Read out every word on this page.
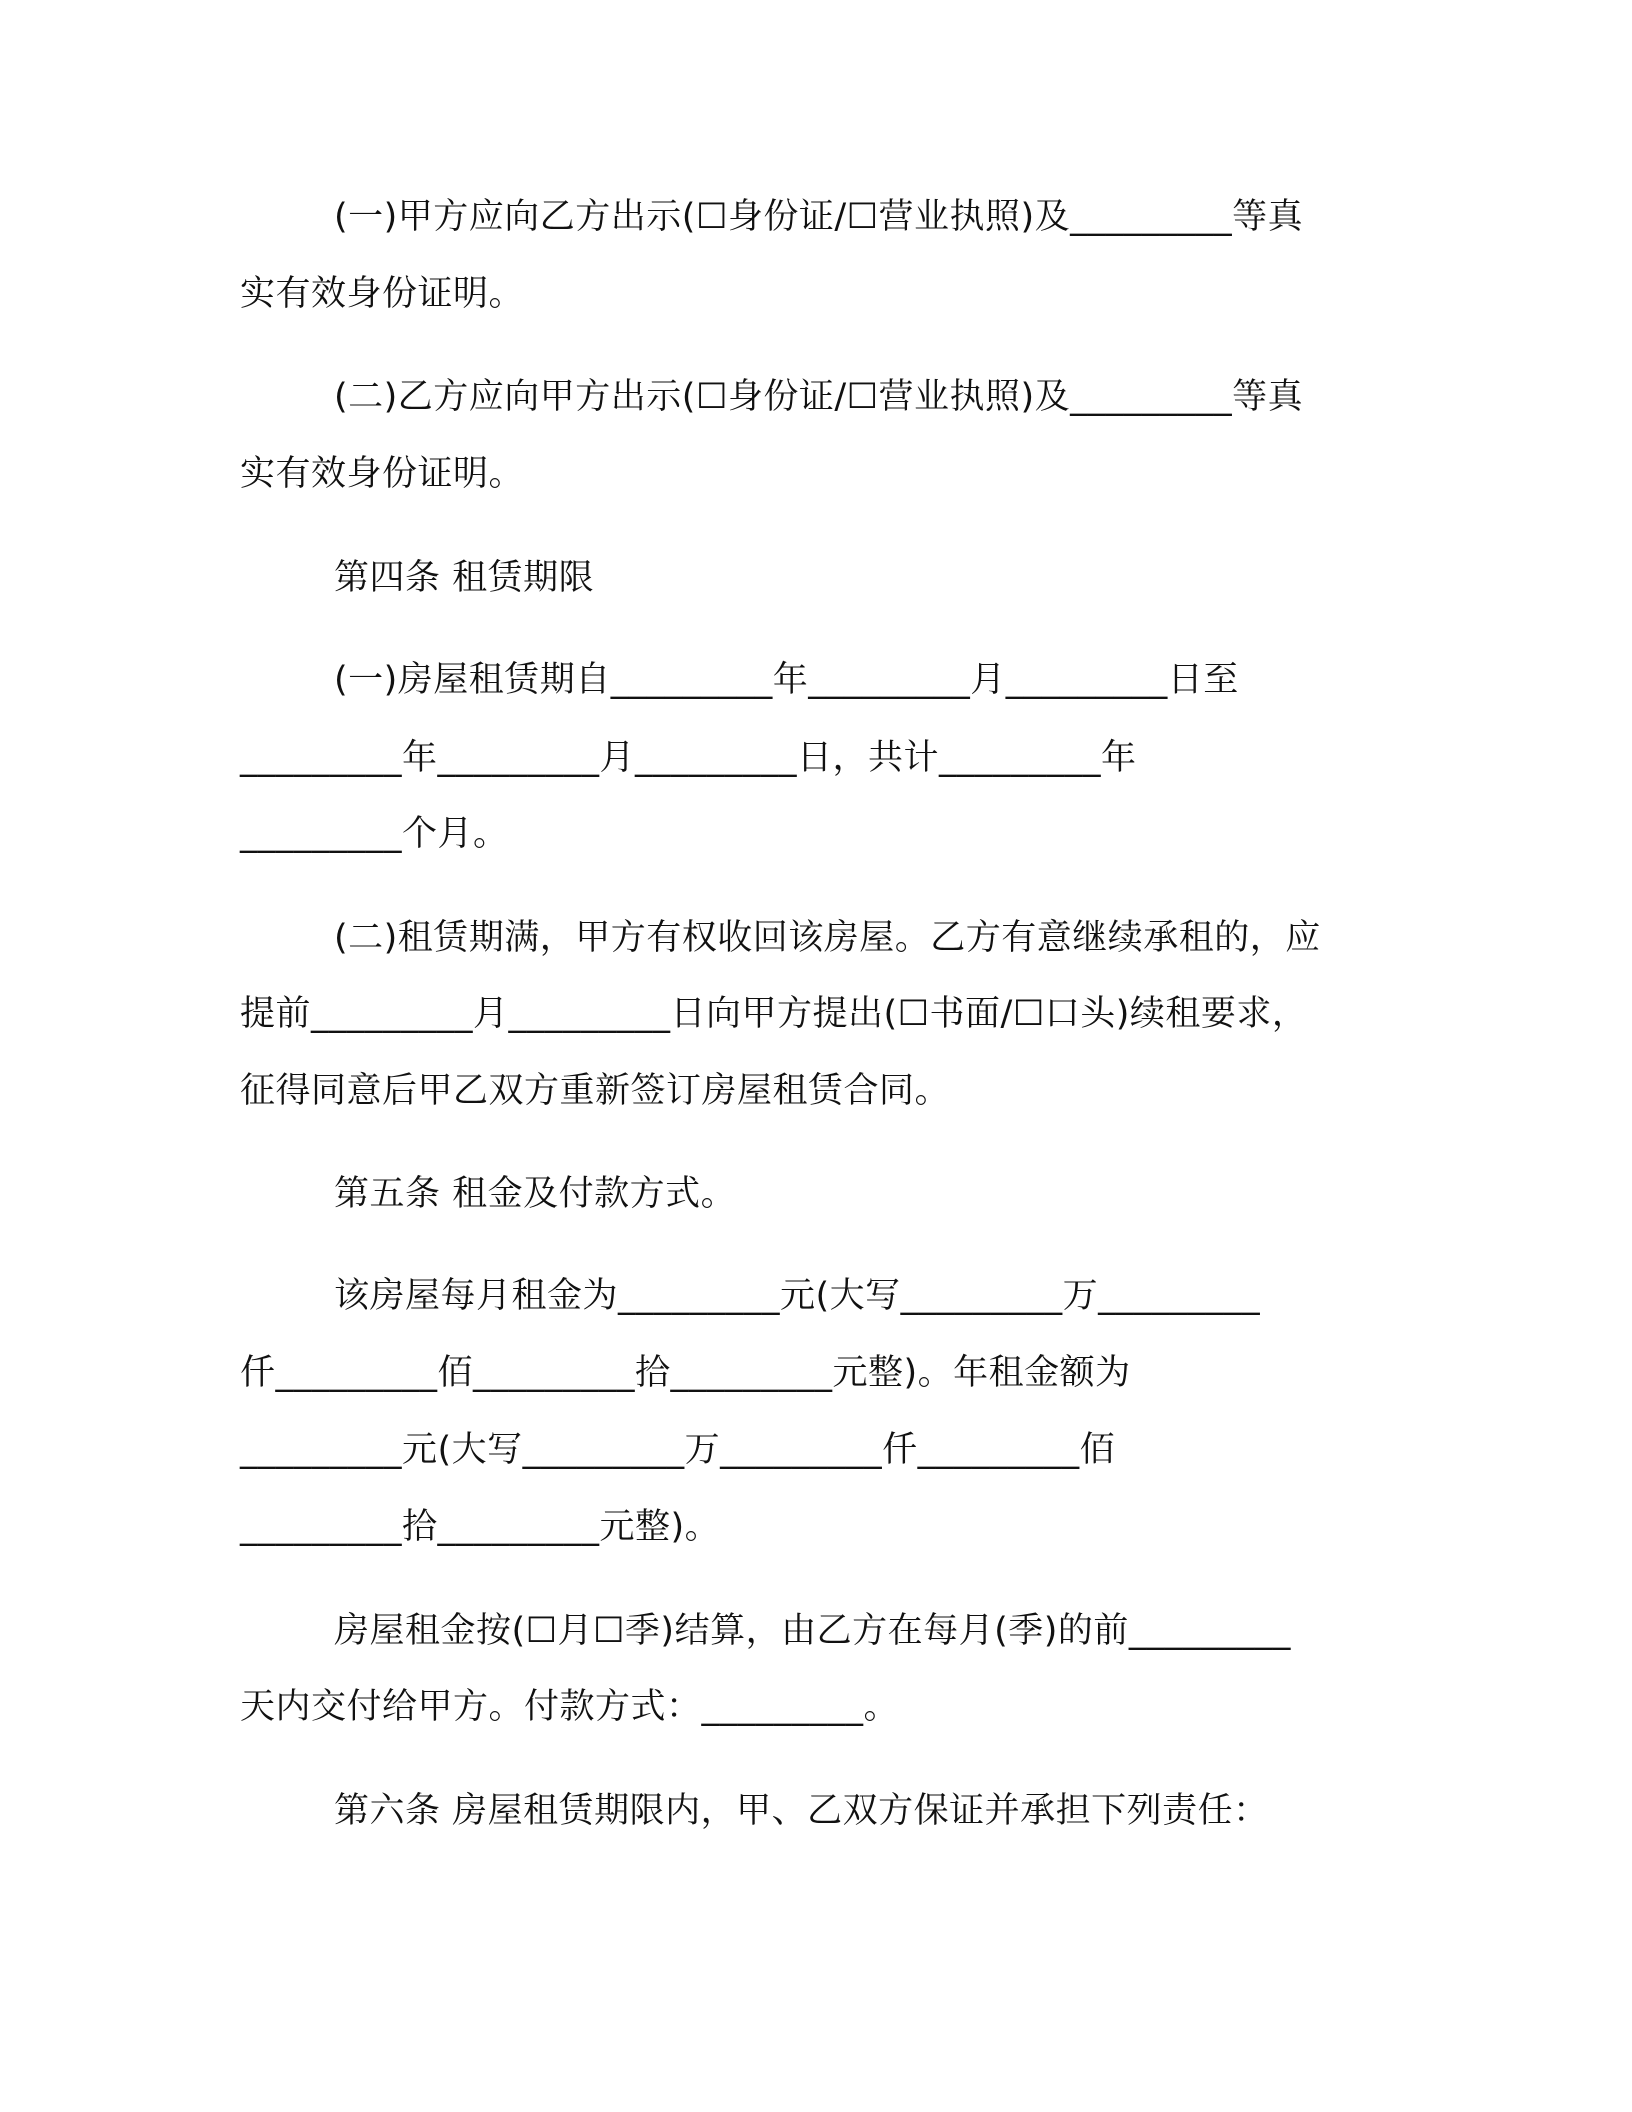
(一)甲方应向乙方出示(☐身份证/☐营业执照)及_________等真
实有效身份证明。
(二)乙方应向甲方出示(☐身份证/☐营业执照)及_________等真
实有效身份证明。
第四条 租赁期限
(一)房屋租赁期自_________年_________月_________日至
_________年_________月_________日，共计_________年
_________个月。
(二)租赁期满，甲方有权收回该房屋。乙方有意继续承租的，应
提前_________月_________日向甲方提出(☐书面/☐口头)续租要求，
征得同意后甲乙双方重新签订房屋租赁合同。
第五条 租金及付款方式。
该房屋每月租金为_________元(大写_________万_________
仟_________佰_________拾_________元整)。年租金额为
_________元(大写_________万_________仟_________佰
_________拾_________元整)。
房屋租金按(☐月☐季)结算，由乙方在每月(季)的前_________
天内交付给甲方。付款方式：_________。
第六条 房屋租赁期限内，甲、乙双方保证并承担下列责任：
